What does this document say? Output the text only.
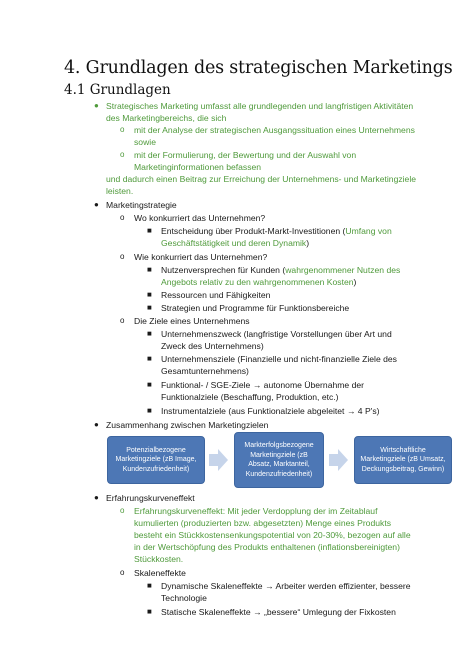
4. Grundlagen des strategischen Marketings
4.1 Grundlagen
● Strategisches Marketing umfasst alle grundlegenden und langfristigen Aktivitäten
des Marketingbereichs, die sich
o mit der Analyse der strategischen Ausgangssituation eines Unternehmens
sowie
o mit der Formulierung, der Bewertung und der Auswahl von
Marketinginformationen befassen
und dadurch einen Beitrag zur Erreichung der Unternehmens- und Marketingziele
leisten.
● Marketingstrategie
o Wo konkurriert das Unternehmen?
■ Entscheidung über Produkt-Markt-Investitionen (Umfang von
Geschäftstätigkeit und deren Dynamik)
o Wie konkurriert das Unternehmen?
■ Nutzenversprechen für Kunden (wahrgenommener Nutzen des
Angebots relativ zu den wahrgenommenen Kosten)
■ Ressourcen und Fähigkeiten
■ Strategien und Programme für Funktionsbereiche
o Die Ziele eines Unternehmens
■ Unternehmenszweck (langfristige Vorstellungen über Art und
Zweck des Unternehmens)
■ Unternehmensziele (Finanzielle und nicht-finanzielle Ziele des
Gesamtunternehmens)
■ Funktional- / SGE-Ziele → autonome Übernahme der
Funktionalziele (Beschaffung, Produktion, etc.)
■ Instrumentalziele (aus Funktionalziele abgeleitet → 4 P's)
● Zusammenhang zwischen Marketingzielen
Potenzialbezogene
Marketingziele (zB Image,
Kundenzufriedenheit)
Markterfolgsbezogene
Marketingziele (zB
Absatz, Marktanteil,
Kundenzufriedenheit)
Wirtschaftliche
Marketingziele (zB Umsatz,
Deckungsbeitrag, Gewinn)
● Erfahrungskurveneffekt
o Erfahrungskurveneffekt: Mit jeder Verdopplung der im Zeitablauf
kumulierten (produzierten bzw. abgesetzten) Menge eines Produkts
besteht ein Stückkostensenkungspotential von 20-30%, bezogen auf alle
in der Wertschöpfung des Produkts enthaltenen (inflationsbereinigten)
Stückkosten.
o Skaleneffekte
■ Dynamische Skaleneffekte → Arbeiter werden effizienter, bessere
Technologie
■ Statische Skaleneffekte → „bessere“ Umlegung der Fixkosten
